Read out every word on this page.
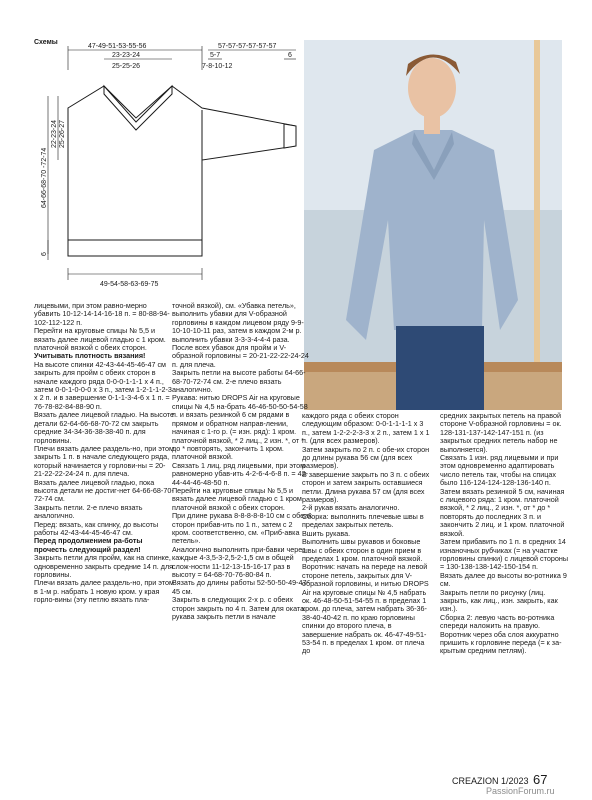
Схемы
47-49-51-53-55-56
23-23-24
25-25-26
57-57-57-57-57-57
5-7
7-8-10-12
6
64-66-68-70 -72-74
22-23-24 25-26-27
6
49-54-58-63-69-75

лицевыми, при этом равно-мерно убавить 10-12-14-14-16-18 п. = 80-88-94-102-112-122 п.

Перейти на круговые спицы № 5,5 и вязать далее лицевой гладью с 1 кром. платочной вязкой с обеих сторон.

Учитывать плотность вязания!

На высоте спинки 42-43-44-45-46-47 см закрыть для пройм с обеих сторон в начале каждого ряда 0-0-0-1-1-1 х 4 п., затем 0-0-1-0-0-0 х 3 п., затем 1-2-1-1-2-3 х 2 п. и в завершение 0-1-1-3-4-6 х 1 п. = 76-78-82-84-88-90 п.

Вязать далее лицевой гладью. На высоте детали 62-64-66-68-70-72 см закрыть средние 34-34-36-38-38-40 п. для горловины.

Плечи вязать далее раздель-но, при этом закрыть 1 п. в начале следующего ряда, который начинается у горлови-ны = 20-21-22-22-24-24 п. для плеча.

Вязать далее лицевой гладью, пока высота детали не достиг-нет 64-66-68-70-72-74 см.

Закрыть петли. 2-е плечо вязать аналогично.

Перед: вязать, как спинку, до высоты работы 42-43-44-45-46-47 см.

Перед продолжением ра-боты прочесть следующий раздел!

Закрыть петли для пройм, как на спинке, одновременно закрыть средние 14 п. для горловины.

Плечи вязать далее раздель-но, при этом в 1-м р. набрать 1 новую кром. у края горло-вины (эту петлю вязать пла-

точной вязкой), см. «Убавка петель», выполнить убавки для V-образной горловины в каждом лицевом ряду 9-9-10-10-10-11 раз, затем в каждом 2-м р. выполнить убавки 3-3-3-4-4-4 раза.

После всех убавок для пройм и V-образной горловины = 20-21-22-22-24-24 п. для плеча.

Закрыть петли на высоте работы 64-66-68-70-72-74 см. 2-е плечо вязать аналогично.

Рукава: нитью DROPS Air на круговые спицы № 4,5 на-брать 46-46-50-50-54-58 п. и вязать резинкой 6 см рядами в прямом и обратном направ-лении, начиная с 1-го р. (= изн. ряд): 1 кром. платочной вязкой, * 2 лиц., 2 изн. *, от * до * повторять, закончить 1 кром. платочной вязкой.

Связать 1 лиц. ряд лицевыми, при этом равномерно убав-ить 4-2-6-4-6-8 п. = 42-44-44-46-48-50 п.

Перейти на круговые спицы № 5,5 и вязать далее лицевой гладью с 1 кром. платочной вязкой с обеих сторон.

При длине рукава 8-8-8-8-8-10 см с обеих сторон прибав-ить по 1 п., затем с 2 кром. соответственно, см. «Приб-авка петель».

Аналогично выполнить при-бавки через каждые 4-3,5-3-2,5-2-1,5 см в общей слож-ности 11-12-13-15-16-17 раз в высоту = 64-68-70-76-80-84 п.

Вязать до длины работы 52-50-50-49-47-45 см.

Закрыть в следующих 2-х р. с обеих сторон закрыть по 4 п. Затем для оката рукава закрыть петли в начале

каждого ряда с обеих сторон следующим образом: 0-0-1-1-1-1 х 3 п., затем 1-2-2-2-3-3 х 2 п., затем 1 х 1 п. (для всех размеров).

Затем закрыть по 2 п. с обе-их сторон до длины рукава 56 см (для всех размеров).

В завершение закрыть по 3 п. с обеих сторон и затем закрыть оставшиеся петли. Длина рукава 57 см (для всех размеров).

2-й рукав вязать аналогично.

Сборка: выполнить плечевые швы в пределах закрытых петель.

Вшить рукава.

Выполнить швы рукавов и боковые швы с обеих сторон в один прием в пределах 1 кром. платочной вязкой.

Воротник: начать на переде на левой стороне петель, закрытых для V-образной горловины, и нитью DROPS Air на круговые спицы № 4,5 набрать ок. 46-48-50-51-54-55 п. в пределах 1 кром. до плеча, затем набрать 36-36-38-40-40-42 п. по краю горловины спинки до второго плеча, в завершение набрать ок. 46-47-49-51-53-54 п. в пределах 1 кром. от плеча до

средних закрытых петель на правой стороне V-образной горловины = ок. 128-131-137-142-147-151 п. (из закрытых средних петель набор не выполняется).

Связать 1 изн. ряд лицевыми и при этом одновременно адаптировать число петель так, чтобы на спицах было 116-124-124-128-136-140 п.

Затем вязать резинкой 5 см, начиная с лицевого ряда: 1 кром. платочной вязкой, * 2 лиц., 2 изн. *, от * до * повторять до последних 3 п. и закончить 2 лиц. и 1 кром. платочной вязкой.

Затем прибавить по 1 п. в средних 14 изнаночных рубчиках (= на участке горловины спинки) с лицевой стороны = 130-138-138-142-150-154 п.

Вязать далее до высоты во-ротника 9 см.

Закрыть петли по рисунку (лиц. закрыть, как лиц., изн. закрыть, как изн.).

Сборка 2: левую часть во-ротника спереди наложить на правую. Воротник через оба слоя аккуратно пришить к горловине переда (= к за-крытым средним петлям).

CREAZION 1/2023 67
PassionForum.ru
